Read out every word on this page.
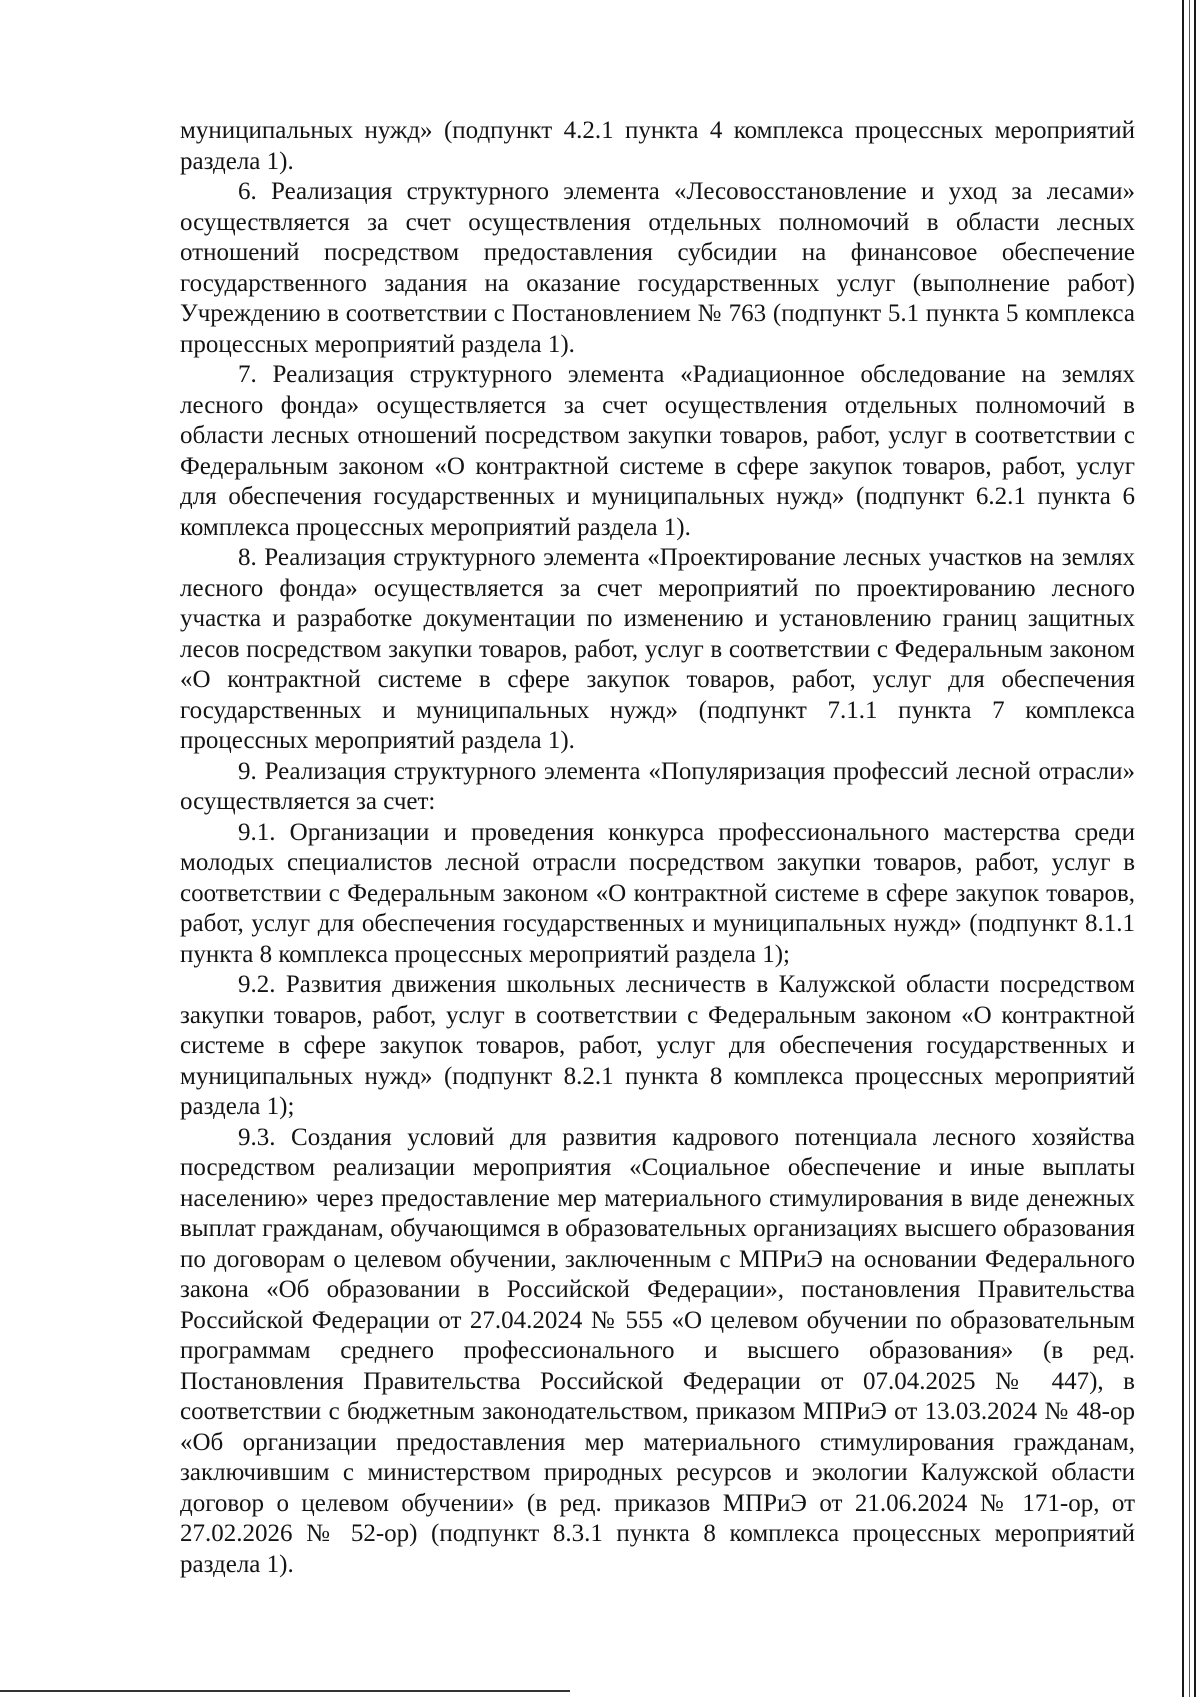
муниципальных нужд» (подпункт 4.2.1 пункта 4 комплекса процессных мероприятий раздела 1).

6. Реализация структурного элемента «Лесовосстановление и уход за лесами» осуществляется за счет осуществления отдельных полномочий в области лесных отношений посредством предоставления субсидии на финансовое обеспечение государственного задания на оказание государственных услуг (выполнение работ) Учреждению в соответствии с Постановлением № 763 (подпункт 5.1 пункта 5 комплекса процессных мероприятий раздела 1).

7. Реализация структурного элемента «Радиационное обследование на землях лесного фонда» осуществляется за счет осуществления отдельных полномочий в области лесных отношений посредством закупки товаров, работ, услуг в соответствии с Федеральным законом «О контрактной системе в сфере закупок товаров, работ, услуг для обеспечения государственных и муниципальных нужд» (подпункт 6.2.1 пункта 6 комплекса процессных мероприятий раздела 1).

8. Реализация структурного элемента «Проектирование лесных участков на землях лесного фонда» осуществляется за счет мероприятий по проектированию лесного участка и разработке документации по изменению и установлению границ защитных лесов посредством закупки товаров, работ, услуг в соответствии с Федеральным законом «О контрактной системе в сфере закупок товаров, работ, услуг для обеспечения государственных и муниципальных нужд» (подпункт 7.1.1 пункта 7 комплекса процессных мероприятий раздела 1).

9. Реализация структурного элемента «Популяризация профессий лесной отрасли» осуществляется за счет:

9.1. Организации и проведения конкурса профессионального мастерства среди молодых специалистов лесной отрасли посредством закупки товаров, работ, услуг в соответствии с Федеральным законом «О контрактной системе в сфере закупок товаров, работ, услуг для обеспечения государственных и муниципальных нужд» (подпункт 8.1.1 пункта 8 комплекса процессных мероприятий раздела 1);

9.2. Развития движения школьных лесничеств в Калужской области посредством закупки товаров, работ, услуг в соответствии с Федеральным законом «О контрактной системе в сфере закупок товаров, работ, услуг для обеспечения государственных и муниципальных нужд» (подпункт 8.2.1 пункта 8 комплекса процессных мероприятий раздела 1);

9.3. Создания условий для развития кадрового потенциала лесного хозяйства посредством реализации мероприятия «Социальное обеспечение и иные выплаты населению» через предоставление мер материального стимулирования в виде денежных выплат гражданам, обучающимся в образовательных организациях высшего образования по договорам о целевом обучении, заключенным с МПРиЭ на основании Федерального закона «Об образовании в Российской Федерации», постановления Правительства Российской Федерации от 27.04.2024 № 555 «О целевом обучении по образовательным программам среднего профессионального и высшего образования» (в ред. Постановления Правительства Российской Федерации от 07.04.2025 № 447), в соответствии с бюджетным законодательством, приказом МПРиЭ от 13.03.2024 № 48-ор «Об организации предоставления мер материального стимулирования гражданам, заключившим с министерством природных ресурсов и экологии Калужской области договор о целевом обучении» (в ред. приказов МПРиЭ от 21.06.2024 № 171-ор, от 27.02.2026 № 52-ор) (подпункт 8.3.1 пункта 8 комплекса процессных мероприятий раздела 1).
